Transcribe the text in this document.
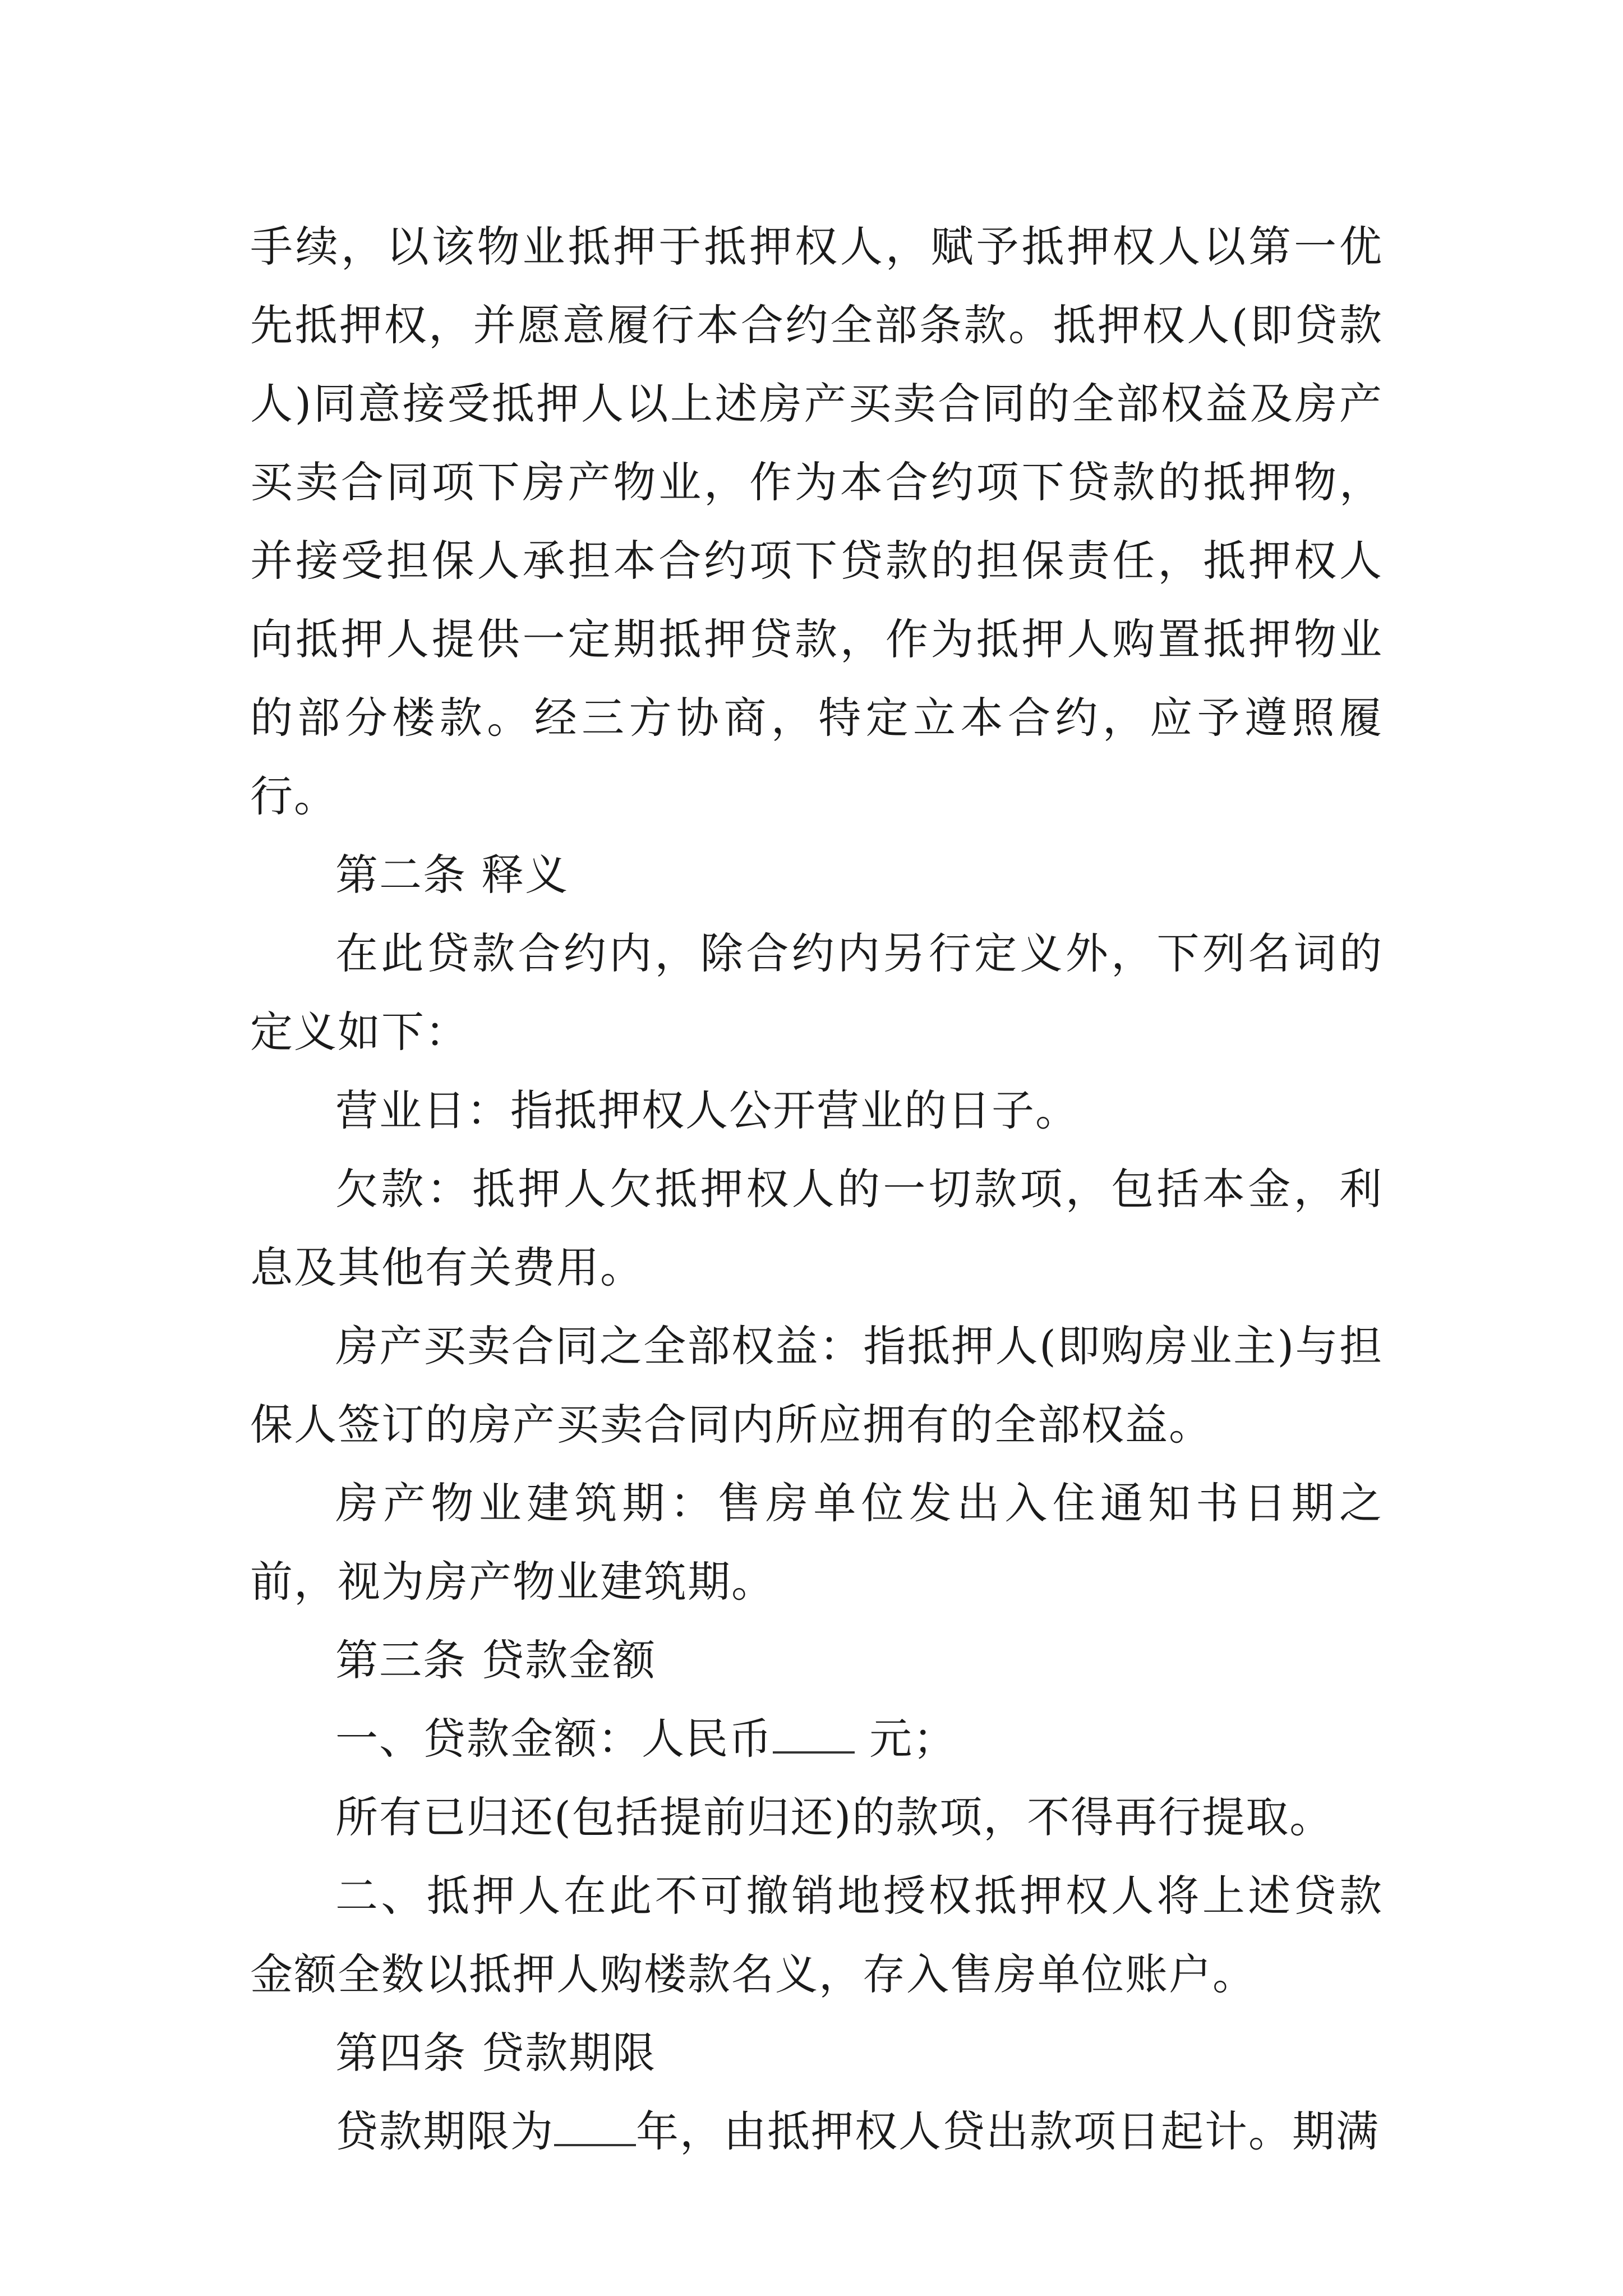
手续，以该物业抵押于抵押权人，赋予抵押权人以第一优先抵押权，并愿意履行本合约全部条款。抵押权人(即贷款人)同意接受抵押人以上述房产买卖合同的全部权益及房产买卖合同项下房产物业，作为本合约项下贷款的抵押物，并接受担保人承担本合约项下贷款的担保责任，抵押权人向抵押人提供一定期抵押贷款，作为抵押人购置抵押物业的部分楼款。经三方协商，特定立本合约，应予遵照履行。

第二条 释义

在此贷款合约内，除合约内另行定义外，下列名词的定义如下：

营业日：指抵押权人公开营业的日子。

欠款：抵押人欠抵押权人的一切款项，包括本金，利息及其他有关费用。

房产买卖合同之全部权益：指抵押人(即购房业主)与担保人签订的房产买卖合同内所应拥有的全部权益。

房产物业建筑期：售房单位发出入住通知书日期之前，视为房产物业建筑期。

第三条 贷款金额

一、贷款金额：人民币 元；

所有已归还(包括提前归还)的款项，不得再行提取。

二、抵押人在此不可撤销地授权抵押权人将上述贷款金额全数以抵押人购楼款名义，存入售房单位账户。

第四条 贷款期限

贷款期限为 年，由抵押权人贷出款项日起计。期满
